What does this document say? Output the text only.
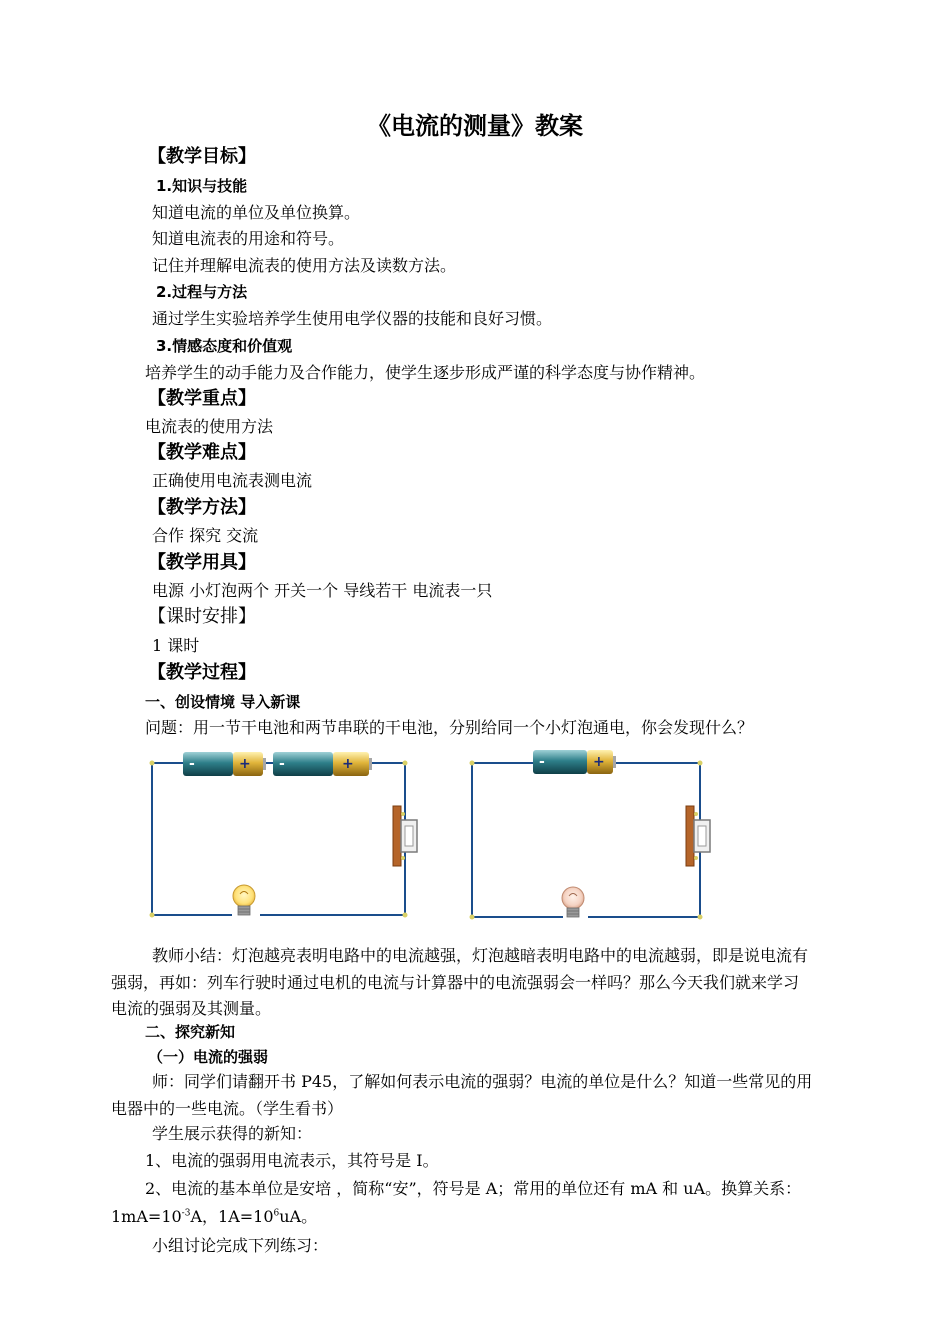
《电流的测量》教案
【教学目标】
1.知识与技能
知道电流的单位及单位换算。
知道电流表的用途和符号。
记住并理解电流表的使用方法及读数方法。
2.过程与方法
通过学生实验培养学生使用电学仪器的技能和良好习惯。
3.情感态度和价值观
培养学生的动手能力及合作能力，使学生逐步形成严谨的科学态度与协作精神。
【教学重点】
电流表的使用方法
【教学难点】
正确使用电流表测电流
【教学方法】
合作 探究 交流
【教学用具】
电源 小灯泡两个 开关一个 导线若干 电流表一只
【课时安排】
1 课时
【教学过程】
一、创设情境 导入新课
问题：用一节干电池和两节串联的干电池，分别给同一个小灯泡通电，你会发现什么？
-	+ -	+	-	+
教师小结：灯泡越亮表明电路中的电流越强，灯泡越暗表明电路中的电流越弱，即是说电流有
强弱，再如：列车行驶时通过电机的电流与计算器中的电流强弱会一样吗？那么今天我们就来学习
电流的强弱及其测量。
二、探究新知
（一）电流的强弱
师：同学们请翻开书 P45，了解如何表示电流的强弱？电流的单位是什么？知道一些常见的用
电器中的一些电流。（学生看书）
学生展示获得的新知：
1、电流的强弱用电流表示，其符号是 I。
2、电流的基本单位是安培 ，简称“安”，符号是 A；常用的单位还有 mA 和 uA。换算关系：
$1mA=10^{-3}A$，$1A=10^6uA$。
小组讨论完成下列练习：
